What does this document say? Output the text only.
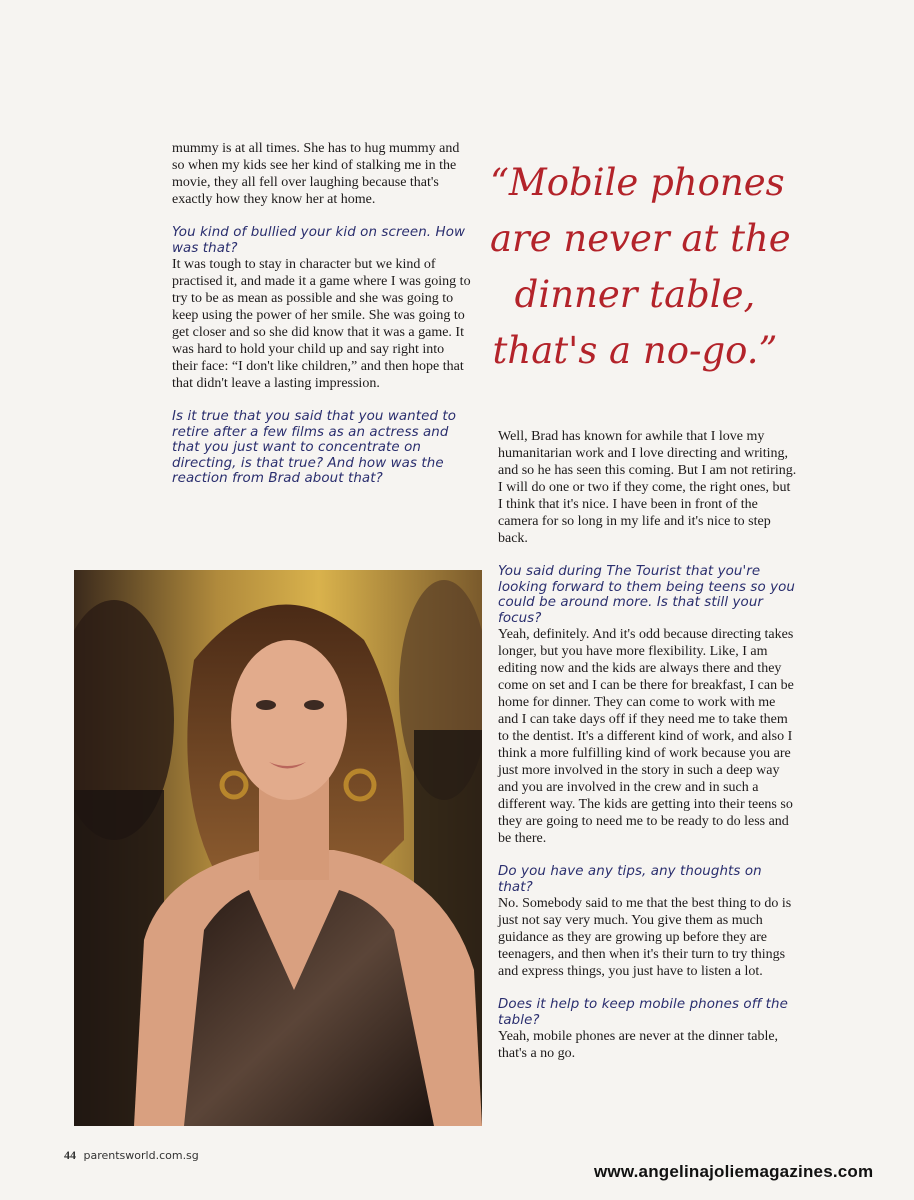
mummy is at all times. She has to hug mummy and so when my kids see her kind of stalking me in the movie, they all fell over laughing because that's exactly how they know her at home.

You kind of bullied your kid on screen. How was that?

It was tough to stay in character but we kind of practised it, and made it a game where I was going to try to be as mean as possible and she was going to keep using the power of her smile. She was going to get closer and so she did know that it was a game. It was hard to hold your child up and say right into their face: “I don't like children,” and then hope that that didn't leave a lasting impression.

Is it true that you said that you wanted to retire after a few films as an actress and that you just want to concentrate on directing, is that true? And how was the reaction from Brad about that?

“Mobile phones
are never at the
dinner table,
that's a no-go.”

Well, Brad has known for awhile that I love my humanitarian work and I love directing and writing, and so he has seen this coming. But I am not retiring. I will do one or two if they come, the right ones, but I think that it's nice. I have been in front of the camera for so long in my life and it's nice to step back.

You said during The Tourist that you're looking forward to them being teens so you could be around more. Is that still your focus?

Yeah, definitely. And it's odd because directing takes longer, but you have more flexibility. Like, I am editing now and the kids are always there and they come on set and I can be there for breakfast, I can be home for dinner. They can come to work with me and I can take days off if they need me to take them to the dentist. It's a different kind of work, and also I think a more fulfilling kind of work because you are just more involved in the story in such a deep way and you are involved in the crew and in such a different way. The kids are getting into their teens so they are going to need me to be ready to do less and be there.

Do you have any tips, any thoughts on that?

No. Somebody said to me that the best thing to do is just not say very much. You give them as much guidance as they are growing up before they are teenagers, and then when it's their turn to try things and express things, you just have to listen a lot.

Does it help to keep mobile phones off the table?

Yeah, mobile phones are never at the dinner table, that's a no go.

44 parentsworld.com.sg
www.angelinajoliemagazines.com
